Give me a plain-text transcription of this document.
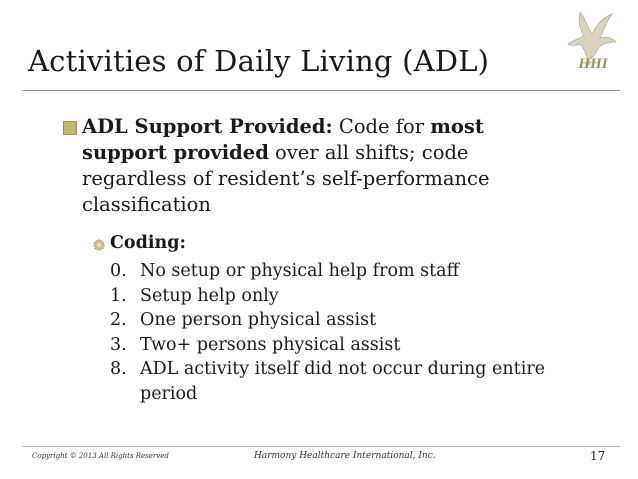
Activities of Daily Living (ADL)	HHI
ADL Support Provided: Code for most support provided over all shifts; code regardless of resident’s self-performance classification
Coding:
0. No setup or physical help from staff
1. Setup help only
2. One person physical assist
3. Two+ persons physical assist
8. ADL activity itself did not occur during entire period
Copyright © 2013 All Rights Reserved	Harmony Healthcare International, Inc.	17
